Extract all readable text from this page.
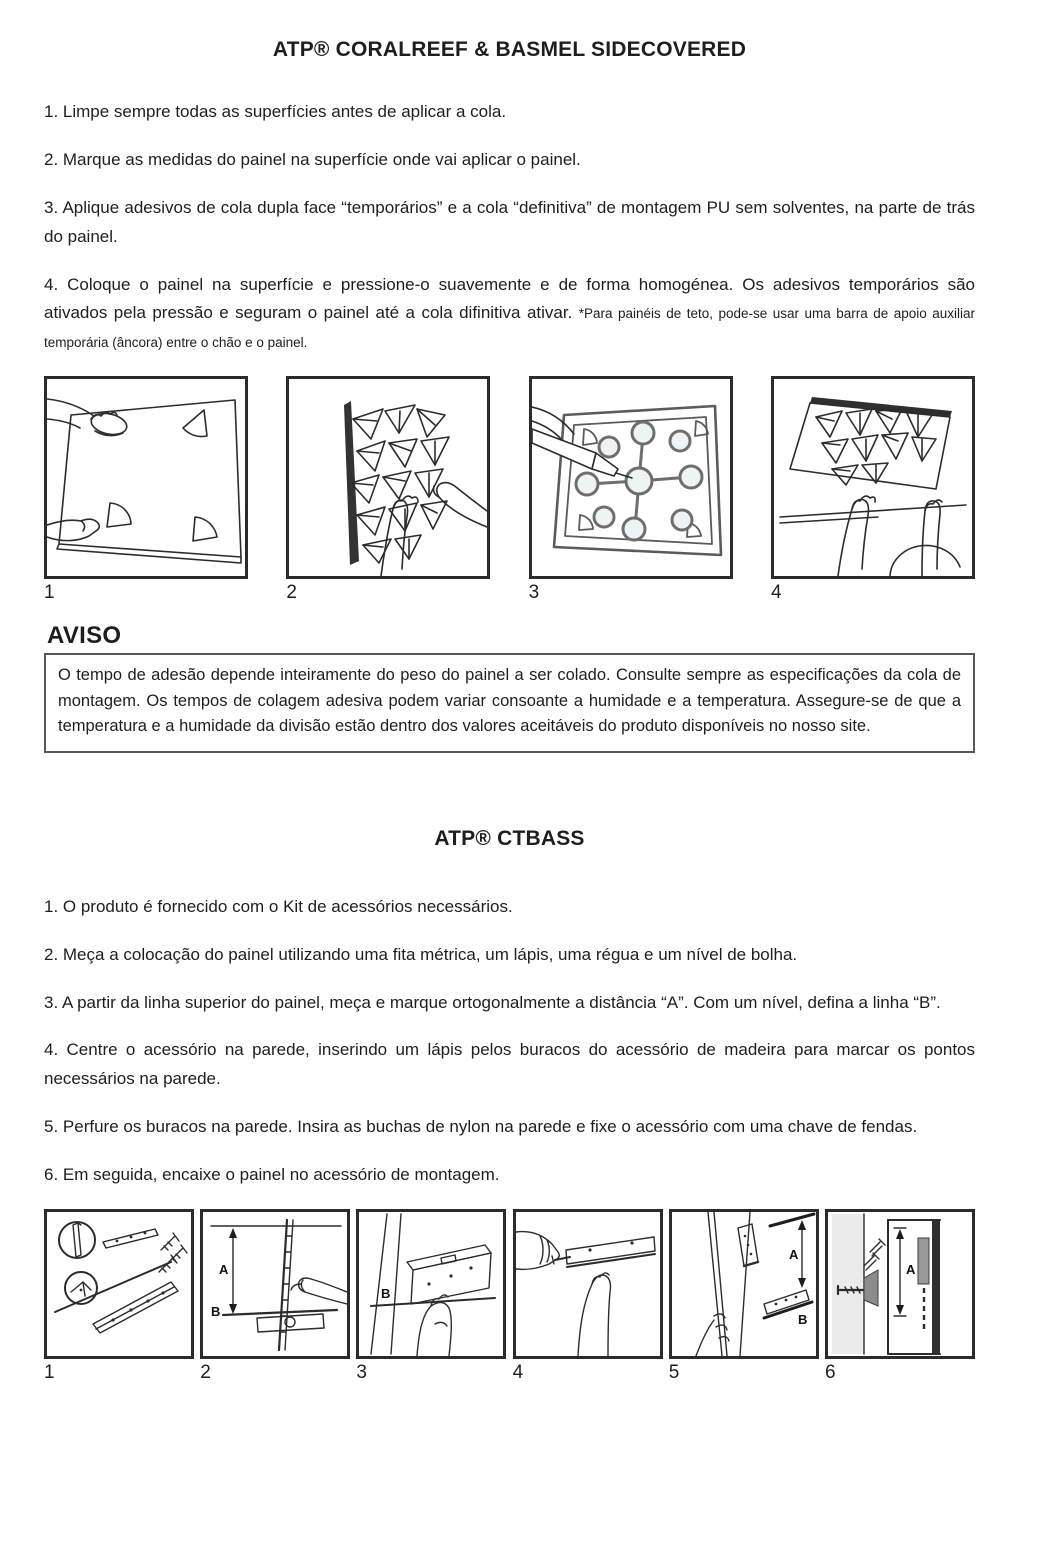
ATP® CORALREEF & BASMEL SIDECOVERED

1. Limpe sempre todas as superfícies antes de aplicar a cola.

2. Marque as medidas do painel na superfície onde vai aplicar o painel.

3. Aplique adesivos de cola dupla face “temporários” e a cola “definitiva” de montagem PU sem solventes, na parte de trás do painel.

4. Coloque o painel na superfície e pressione-o suavemente e de forma homogénea. Os adesivos temporários são ativados pela pressão e seguram o painel até a cola difinitiva ativar. *Para painéis de teto, pode-se usar uma barra de apoio auxiliar temporária (âncora) entre o chão e o painel.

1	2	3	4
AVISO
O tempo de adesão depende inteiramente do peso do painel a ser colado. Consulte sempre as especificações da cola de montagem. Os tempos de colagem adesiva podem variar consoante a humidade e a temperatura. Assegure-se de que a temperatura e a humidade da divisão estão dentro dos valores aceitáveis do produto disponíveis no nosso site.
ATP® CTBASS

1. O produto é fornecido com o Kit de acessórios necessários.

2. Meça a colocação do painel utilizando uma fita métrica, um lápis, uma régua e um nível de bolha.

3. A partir da linha superior do painel, meça e marque ortogonalmente a distância “A”. Com um nível, defina a linha “B”.

4. Centre o acessório na parede, inserindo um lápis pelos buracos do acessório de madeira para marcar os pontos necessários na parede.

5. Perfure os buracos na parede. Insira as buchas de nylon na parede e fixe o acessório com uma chave de fendas.

6. Em seguida, encaixe o painel no acessório de montagem.

1
A
B
2
B
3	4
A
B
5
A
6
